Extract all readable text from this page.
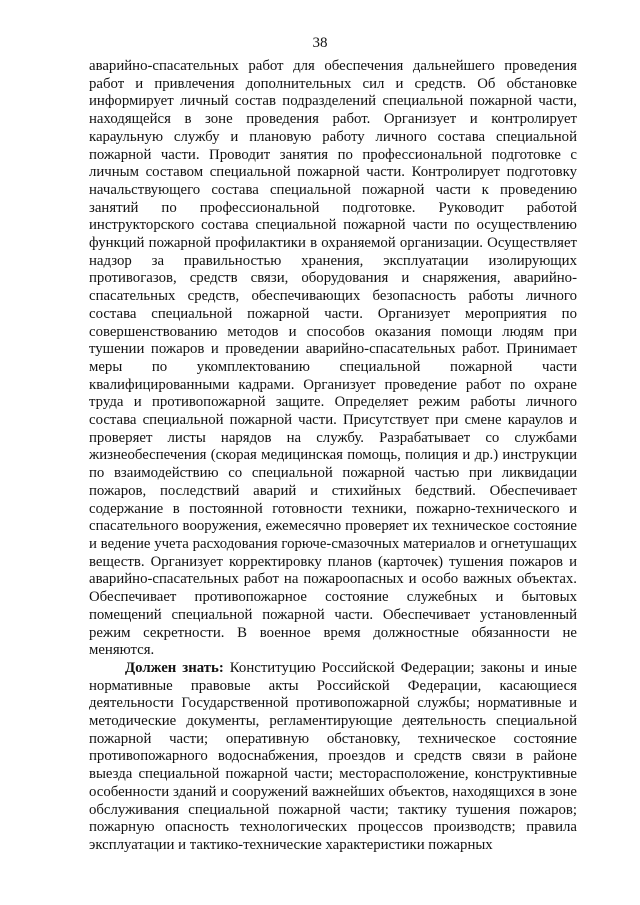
38

аварийно-спасательных работ для обеспечения дальнейшего проведения работ и привлечения дополнительных сил и средств. Об обстановке информирует личный состав подразделений специальной пожарной части, находящейся в зоне проведения работ. Организует и контролирует караульную службу и плановую работу личного состава специальной пожарной части. Проводит занятия по профессиональной подготовке с личным составом специальной пожарной части. Контролирует подготовку начальствующего состава специальной пожарной части к проведению занятий по профессиональной подготовке. Руководит работой инструкторского состава специальной пожарной части по осуществлению функций пожарной профилактики в охраняемой организации. Осуществляет надзор за правильностью хранения, эксплуатации изолирующих противогазов, средств связи, оборудования и снаряжения, аварийно-спасательных средств, обеспечивающих безопасность работы личного состава специальной пожарной части. Организует мероприятия по совершенствованию методов и способов оказания помощи людям при тушении пожаров и проведении аварийно-спасательных работ. Принимает меры по укомплектованию специальной пожарной части квалифицированными кадрами. Организует проведение работ по охране труда и противопожарной защите. Определяет режим работы личного состава специальной пожарной части. Присутствует при смене караулов и проверяет листы нарядов на службу. Разрабатывает со службами жизнеобеспечения (скорая медицинская помощь, полиция и др.) инструкции по взаимодействию со специальной пожарной частью при ликвидации пожаров, последствий аварий и стихийных бедствий. Обеспечивает содержание в постоянной готовности техники, пожарно-технического и спасательного вооружения, ежемесячно проверяет их техническое состояние и ведение учета расходования горюче-смазочных материалов и огнетушащих веществ. Организует корректировку планов (карточек) тушения пожаров и аварийно-спасательных работ на пожароопасных и особо важных объектах. Обеспечивает противопожарное состояние служебных и бытовых помещений специальной пожарной части. Обеспечивает установленный режим секретности. В военное время должностные обязанности не меняются.

Должен знать: Конституцию Российской Федерации; законы и иные нормативные правовые акты Российской Федерации, касающиеся деятельности Государственной противопожарной службы; нормативные и методические документы, регламентирующие деятельность специальной пожарной части; оперативную обстановку, техническое состояние противопожарного водоснабжения, проездов и средств связи в районе выезда специальной пожарной части; месторасположение, конструктивные особенности зданий и сооружений важнейших объектов, находящихся в зоне обслуживания специальной пожарной части; тактику тушения пожаров; пожарную опасность технологических процессов производств; правила эксплуатации и тактико-технические характеристики пожарных
